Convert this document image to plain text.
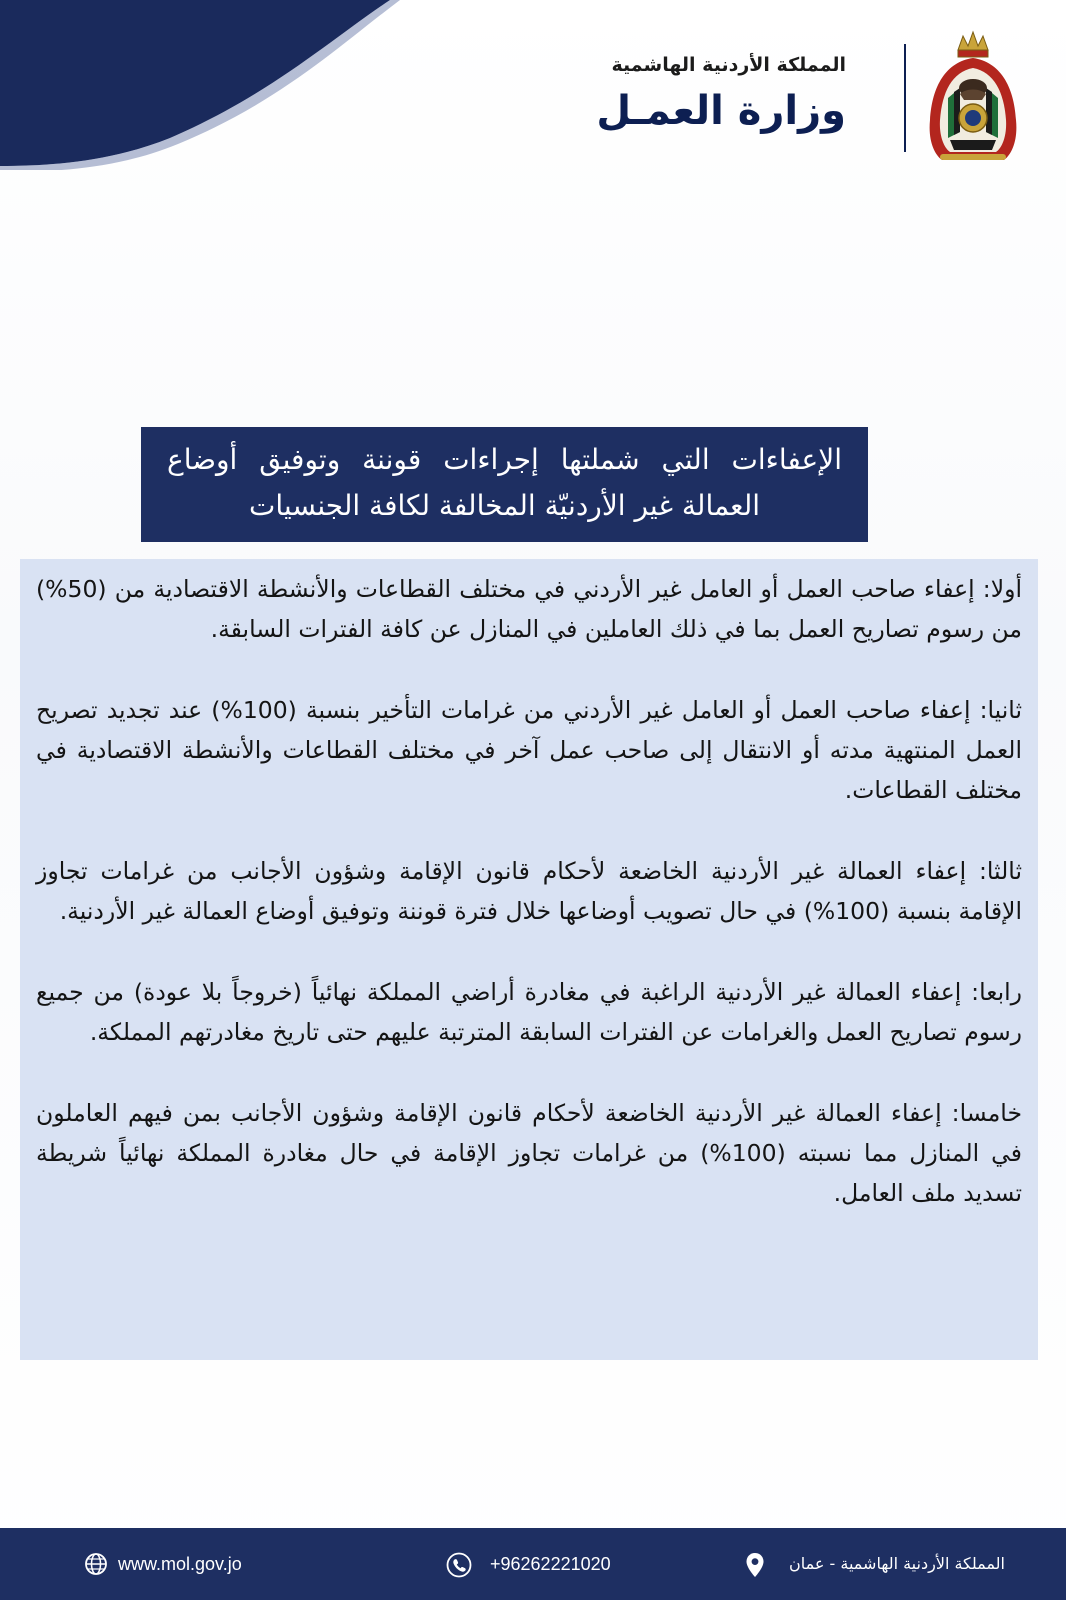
المملكة الأردنية الهاشمية
وزارة العمـل
الإعفاءات التي شملتها إجراءات قوننة وتوفيق أوضاع العمالة غير الأردنيّة المخالفة لكافة الجنسيات

أولا: إعفاء صاحب العمل أو العامل غير الأردني في مختلف القطاعات والأنشطة الاقتصادية من (50%) من رسوم تصاريح العمل بما في ذلك العاملين في المنازل عن كافة الفترات السابقة.

ثانيا: إعفاء صاحب العمل أو العامل غير الأردني من غرامات التأخير بنسبة (100%) عند تجديد تصريح العمل المنتهية مدته أو الانتقال إلى صاحب عمل آخر في مختلف القطاعات والأنشطة الاقتصادية في مختلف القطاعات.

ثالثا: إعفاء العمالة غير الأردنية الخاضعة لأحكام قانون الإقامة وشؤون الأجانب من غرامات تجاوز الإقامة بنسبة (100%) في حال تصويب أوضاعها خلال فترة قوننة وتوفيق أوضاع العمالة غير الأردنية.

رابعا: إعفاء العمالة غير الأردنية الراغبة في مغادرة أراضي المملكة نهائياً (خروجاً بلا عودة) من جميع رسوم تصاريح العمل والغرامات عن الفترات السابقة المترتبة عليهم حتى تاريخ مغادرتهم المملكة.

خامسا: إعفاء العمالة غير الأردنية الخاضعة لأحكام قانون الإقامة وشؤون الأجانب بمن فيهم العاملون في المنازل مما نسبته (100%) من غرامات تجاوز الإقامة في حال مغادرة المملكة نهائياً شريطة تسديد ملف العامل.

www.mol.gov.jo	+96262221020	المملكة الأردنية الهاشمية - عمان
